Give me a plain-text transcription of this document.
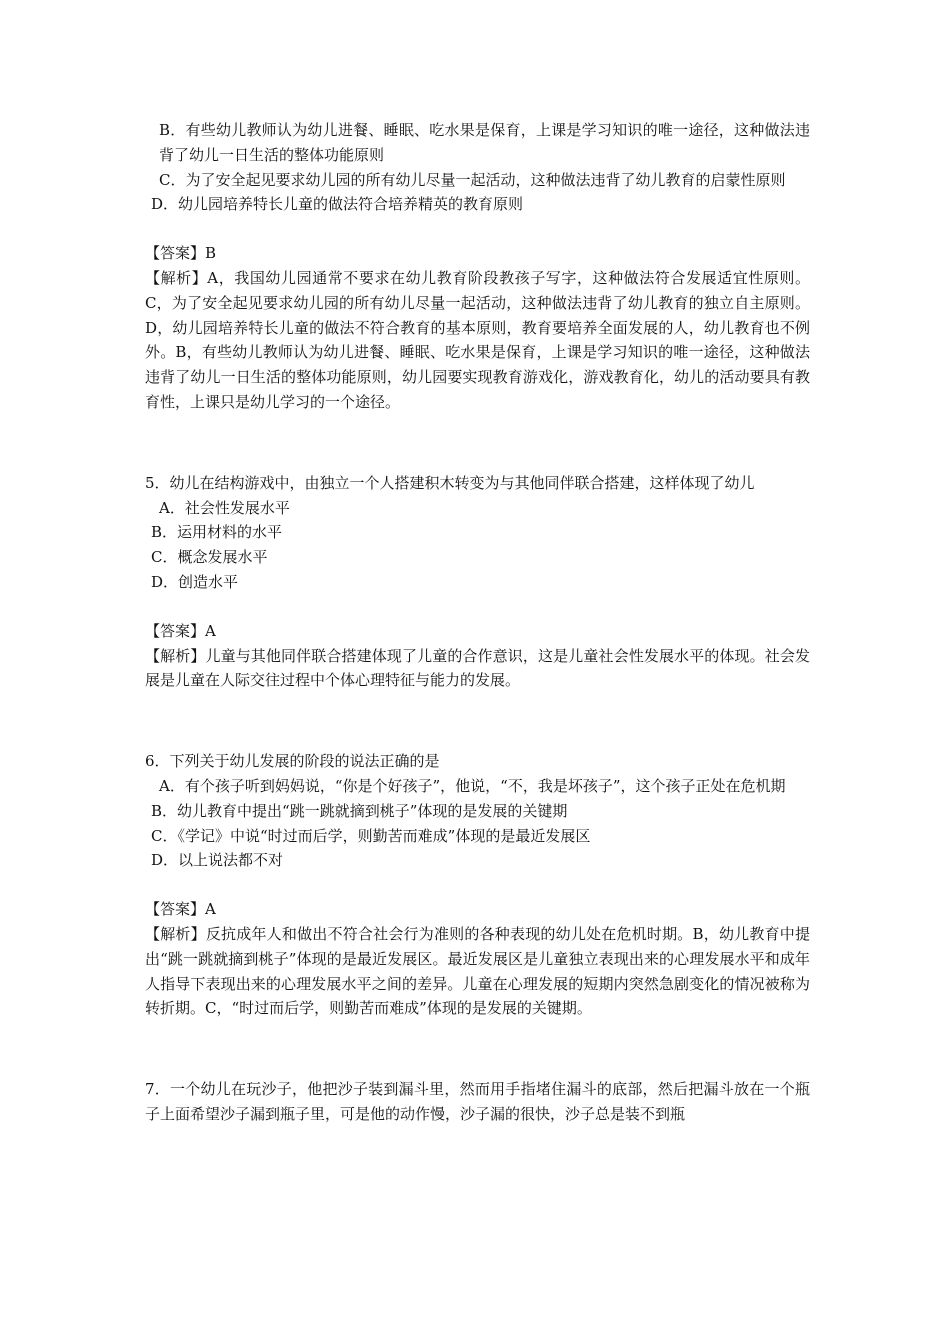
B．有些幼儿教师认为幼儿进餐、睡眠、吃水果是保育，上课是学习知识的唯一途径，这种做法违背了幼儿一日生活的整体功能原则
C．为了安全起见要求幼儿园的所有幼儿尽量一起活动，这种做法违背了幼儿教育的启蒙性原则
D．幼儿园培养特长儿童的做法符合培养精英的教育原则
【答案】B
【解析】A，我国幼儿园通常不要求在幼儿教育阶段教孩子写字，这种做法符合发展适宜性原则。C，为了安全起见要求幼儿园的所有幼儿尽量一起活动，这种做法违背了幼儿教育的独立自主原则。D，幼儿园培养特长儿童的做法不符合教育的基本原则，教育要培养全面发展的人，幼儿教育也不例外。B，有些幼儿教师认为幼儿进餐、睡眠、吃水果是保育，上课是学习知识的唯一途径，这种做法违背了幼儿一日生活的整体功能原则，幼儿园要实现教育游戏化，游戏教育化，幼儿的活动要具有教育性，上课只是幼儿学习的一个途径。
5．幼儿在结构游戏中，由独立一个人搭建积木转变为与其他同伴联合搭建，这样体现了幼儿
A．社会性发展水平
B．运用材料的水平
C．概念发展水平
D．创造水平
【答案】A
【解析】儿童与其他同伴联合搭建体现了儿童的合作意识，这是儿童社会性发展水平的体现。社会发展是儿童在人际交往过程中个体心理特征与能力的发展。
6．下列关于幼儿发展的阶段的说法正确的是
A．有个孩子听到妈妈说，“你是个好孩子”，他说，“不，我是坏孩子”，这个孩子正处在危机期
B．幼儿教育中提出“跳一跳就摘到桃子”体现的是发展的关键期
C．《学记》中说“时过而后学，则勤苦而难成”体现的是最近发展区
D．以上说法都不对
【答案】A
【解析】反抗成年人和做出不符合社会行为准则的各种表现的幼儿处在危机时期。B，幼儿教育中提出“跳一跳就摘到桃子”体现的是最近发展区。最近发展区是儿童独立表现出来的心理发展水平和成年人指导下表现出来的心理发展水平之间的差异。儿童在心理发展的短期内突然急剧变化的情况被称为转折期。C，“时过而后学，则勤苦而难成”体现的是发展的关键期。
7．一个幼儿在玩沙子，他把沙子装到漏斗里，然而用手指堵住漏斗的底部，然后把漏斗放在一个瓶子上面希望沙子漏到瓶子里，可是他的动作慢，沙子漏的很快，沙子总是装不到瓶
